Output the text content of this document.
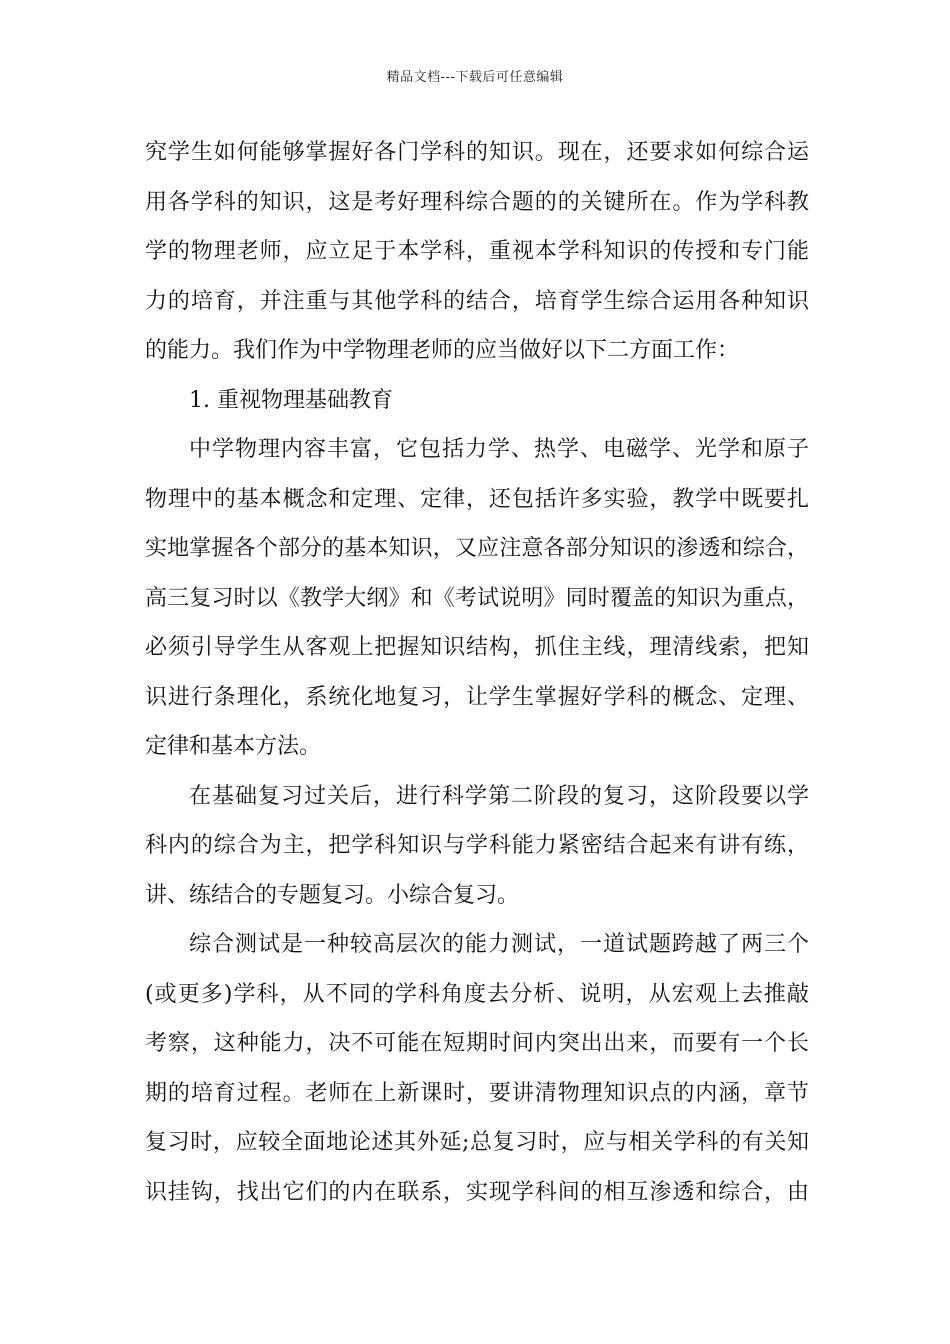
精品文档---下载后可任意编辑
究学生如何能够掌握好各门学科的知识。现在，还要求如何综合运
用各学科的知识，这是考好理科综合题的的关键所在。作为学科教
学的物理老师，应立足于本学科，重视本学科知识的传授和专门能
力的培育，并注重与其他学科的结合，培育学生综合运用各种知识
的能力。我们作为中学物理老师的应当做好以下二方面工作：
1. 重视物理基础教育
中学物理内容丰富，它包括力学、热学、电磁学、光学和原子
物理中的基本概念和定理、定律，还包括许多实验，教学中既要扎
实地掌握各个部分的基本知识，又应注意各部分知识的渗透和综合，
高三复习时以《教学大纲》和《考试说明》同时覆盖的知识为重点，
必须引导学生从客观上把握知识结构，抓住主线，理清线索，把知
识进行条理化，系统化地复习，让学生掌握好学科的概念、定理、
定律和基本方法。
在基础复习过关后，进行科学第二阶段的复习，这阶段要以学
科内的综合为主，把学科知识与学科能力紧密结合起来有讲有练，
讲、练结合的专题复习。小综合复习。
综合测试是一种较高层次的能力测试，一道试题跨越了两三个
(或更多)学科，从不同的学科角度去分析、说明，从宏观上去推敲
考察，这种能力，决不可能在短期时间内突出出来，而要有一个长
期的培育过程。老师在上新课时，要讲清物理知识点的内涵，章节
复习时，应较全面地论述其外延;总复习时，应与相关学科的有关知
识挂钩，找出它们的内在联系，实现学科间的相互渗透和综合，由
